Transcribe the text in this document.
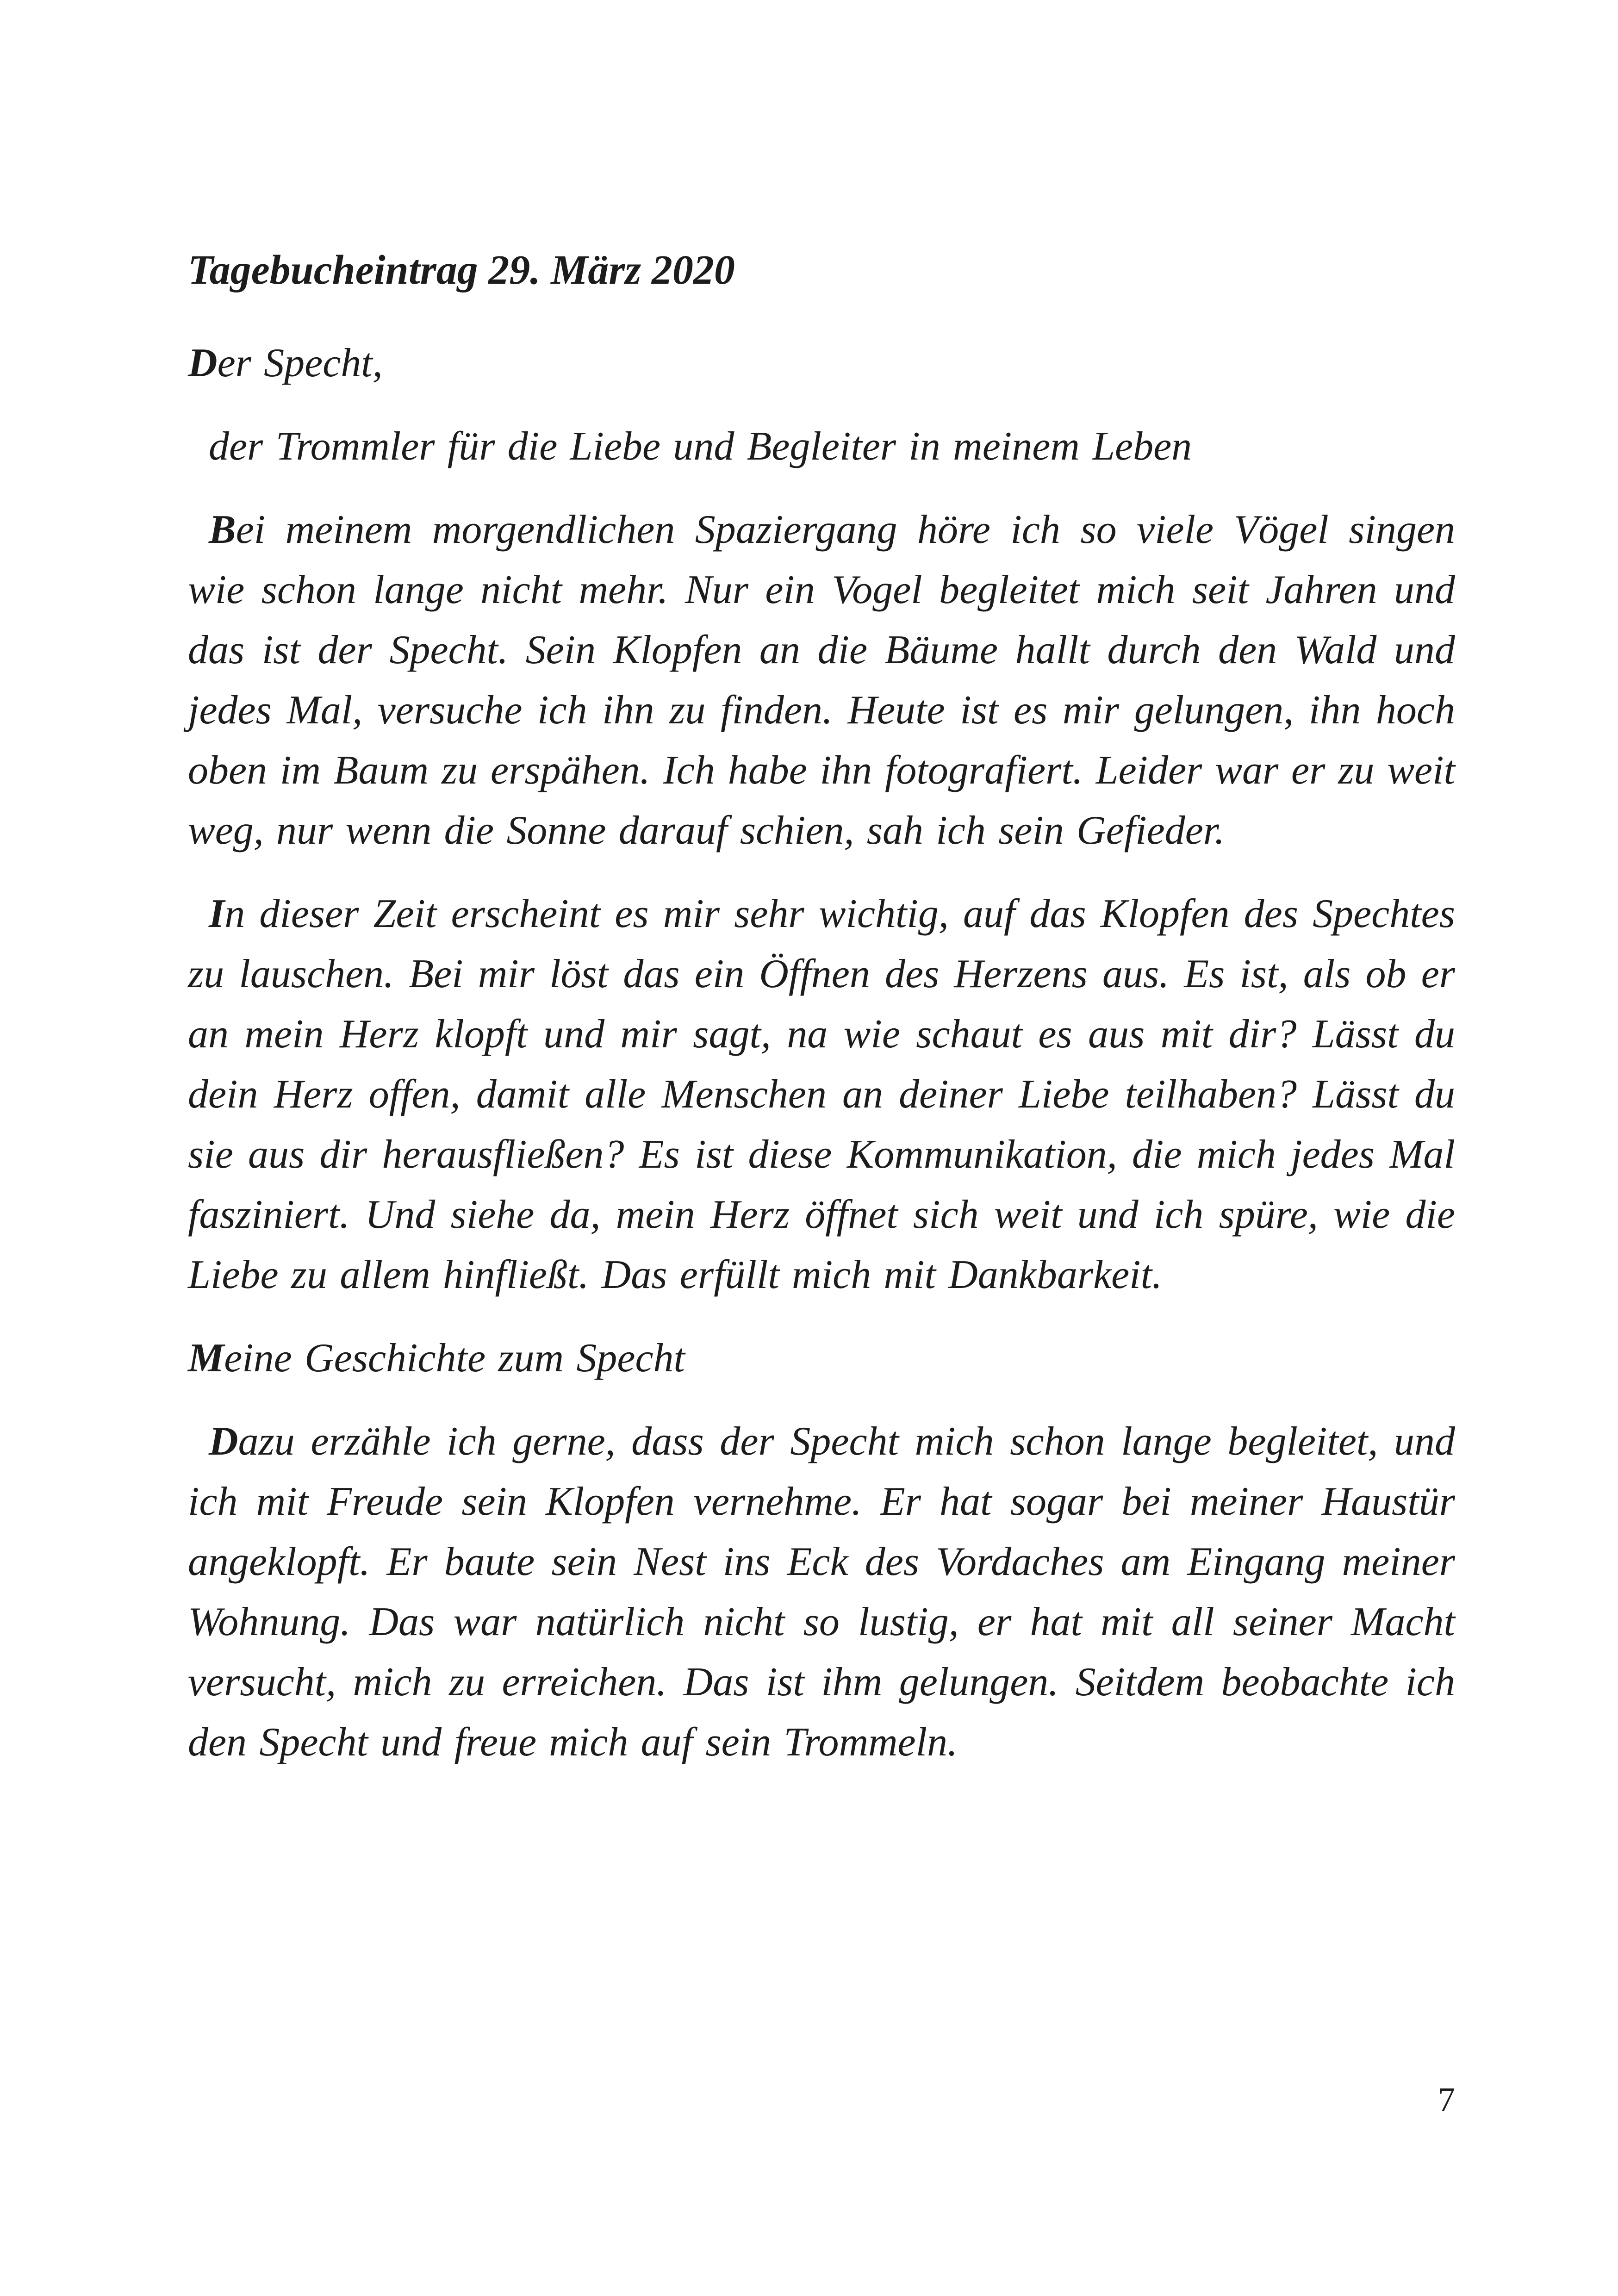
Tagebucheintrag 29. März 2020

Der Specht,

der Trommler für die Liebe und Begleiter in meinem Leben

Bei meinem morgendlichen Spaziergang höre ich so viele Vögel singen wie schon lange nicht mehr. Nur ein Vogel begleitet mich seit Jahren und das ist der Specht. Sein Klopfen an die Bäume hallt durch den Wald und jedes Mal, versuche ich ihn zu finden. Heute ist es mir gelungen, ihn hoch oben im Baum zu erspähen. Ich habe ihn fotografiert. Leider war er zu weit weg, nur wenn die Sonne darauf schien, sah ich sein Gefieder.

In dieser Zeit erscheint es mir sehr wichtig, auf das Klopfen des Spechtes zu lauschen. Bei mir löst das ein Öffnen des Herzens aus. Es ist, als ob er an mein Herz klopft und mir sagt, na wie schaut es aus mit dir? Lässt du dein Herz offen, damit alle Menschen an deiner Liebe teilhaben? Lässt du sie aus dir herausfließen? Es ist diese Kommunikation, die mich jedes Mal fasziniert. Und siehe da, mein Herz öffnet sich weit und ich spüre, wie die Liebe zu allem hinfließt. Das erfüllt mich mit Dankbarkeit.

Meine Geschichte zum Specht

Dazu erzähle ich gerne, dass der Specht mich schon lange begleitet, und ich mit Freude sein Klopfen vernehme. Er hat sogar bei meiner Haustür angeklopft. Er baute sein Nest ins Eck des Vordaches am Eingang meiner Wohnung. Das war natürlich nicht so lustig, er hat mit all seiner Macht versucht, mich zu erreichen. Das ist ihm gelungen. Seitdem beobachte ich den Specht und freue mich auf sein Trommeln.

7
